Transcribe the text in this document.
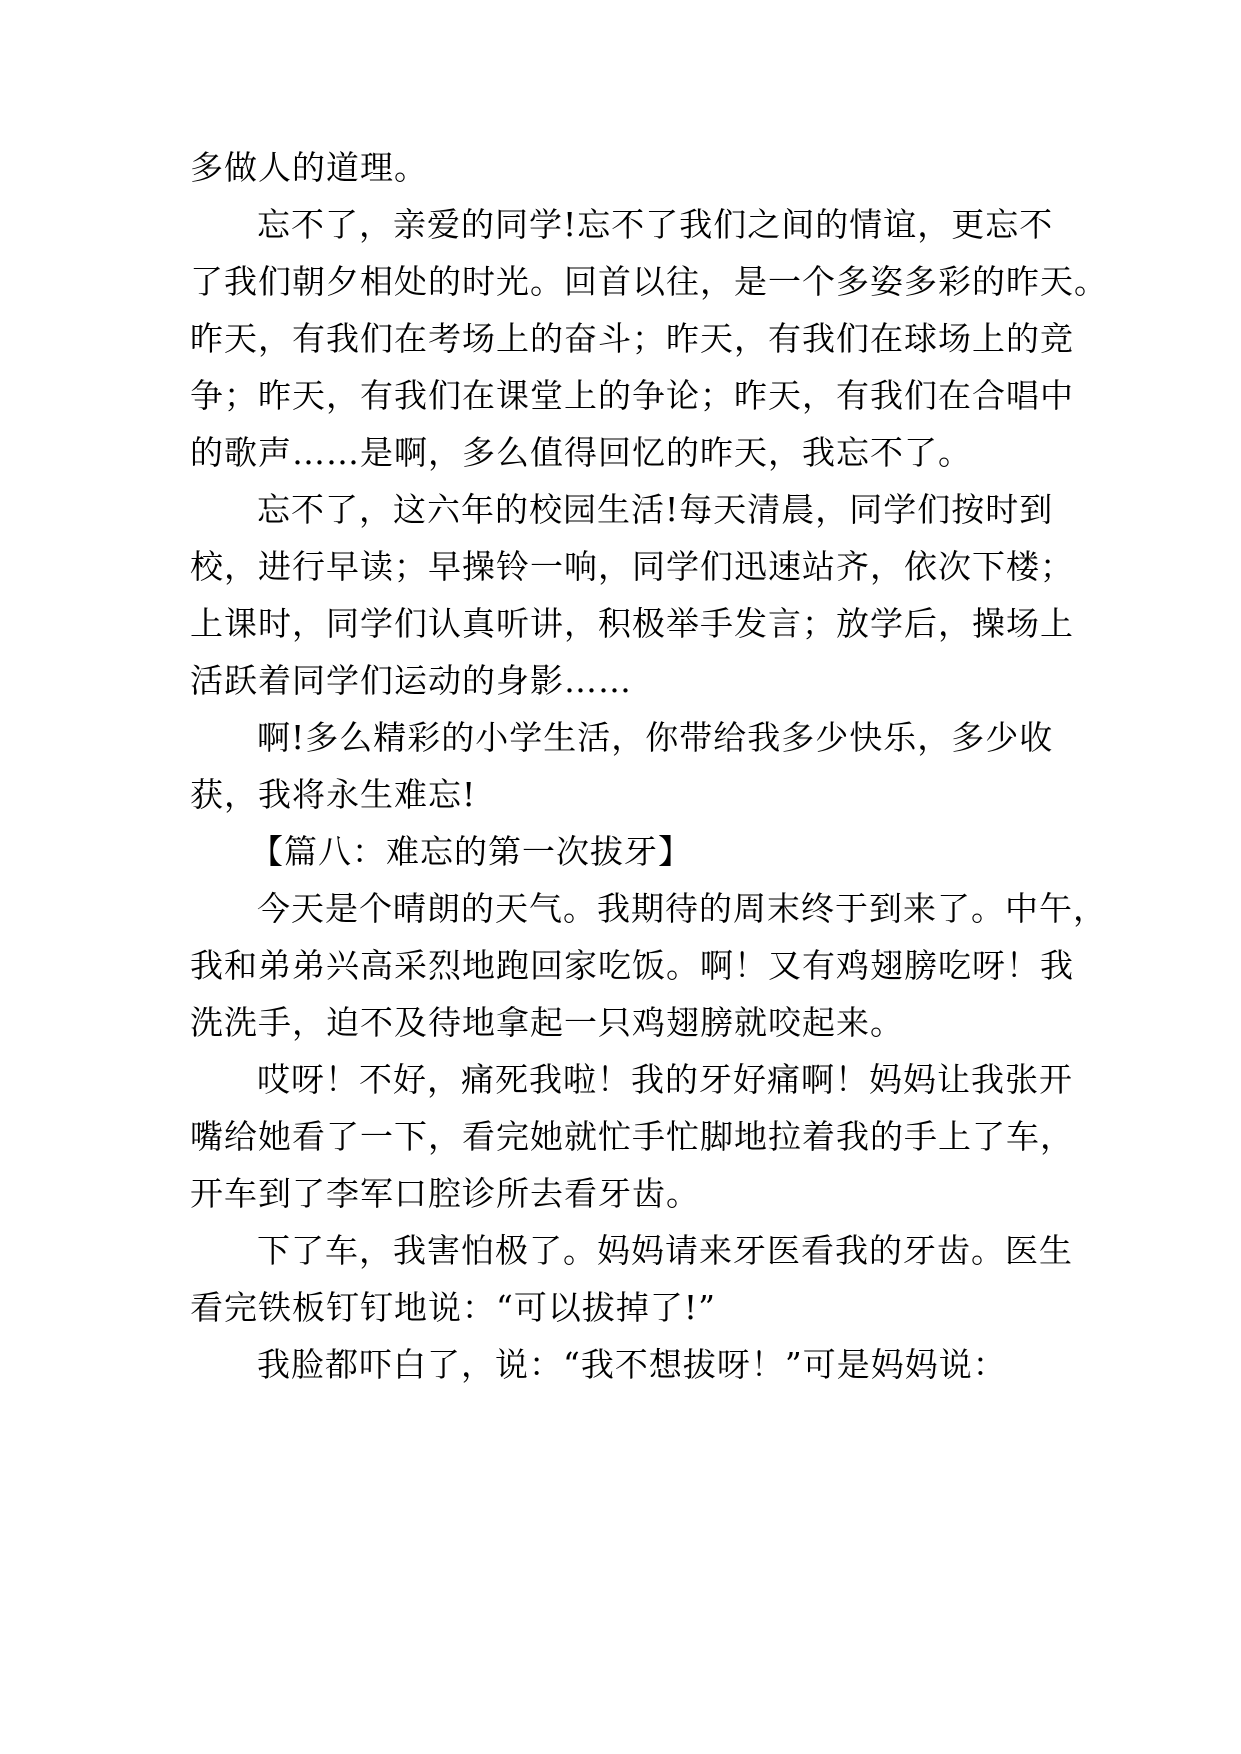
多做人的道理。

忘不了，亲爱的同学!忘不了我们之间的情谊，更忘不

了我们朝夕相处的时光。回首以往，是一个多姿多彩的昨天。

昨天，有我们在考场上的奋斗；昨天，有我们在球场上的竞

争；昨天，有我们在课堂上的争论；昨天，有我们在合唱中

的歌声……是啊，多么值得回忆的昨天，我忘不了。

忘不了，这六年的校园生活!每天清晨，同学们按时到

校，进行早读；早操铃一响，同学们迅速站齐，依次下楼；

上课时，同学们认真听讲，积极举手发言；放学后，操场上

活跃着同学们运动的身影……

啊!多么精彩的小学生活，你带给我多少快乐，多少收

获，我将永生难忘!

【篇八：难忘的第一次拔牙】

今天是个晴朗的天气。我期待的周末终于到来了。中午，

我和弟弟兴高采烈地跑回家吃饭。啊！又有鸡翅膀吃呀！我

洗洗手，迫不及待地拿起一只鸡翅膀就咬起来。

哎呀！不好，痛死我啦！我的牙好痛啊！妈妈让我张开

嘴给她看了一下，看完她就忙手忙脚地拉着我的手上了车，

开车到了李军口腔诊所去看牙齿。

下了车，我害怕极了。妈妈请来牙医看我的牙齿。医生

看完铁板钉钉地说：“可以拔掉了!”

我脸都吓白了，说：“我不想拔呀！”可是妈妈说：
